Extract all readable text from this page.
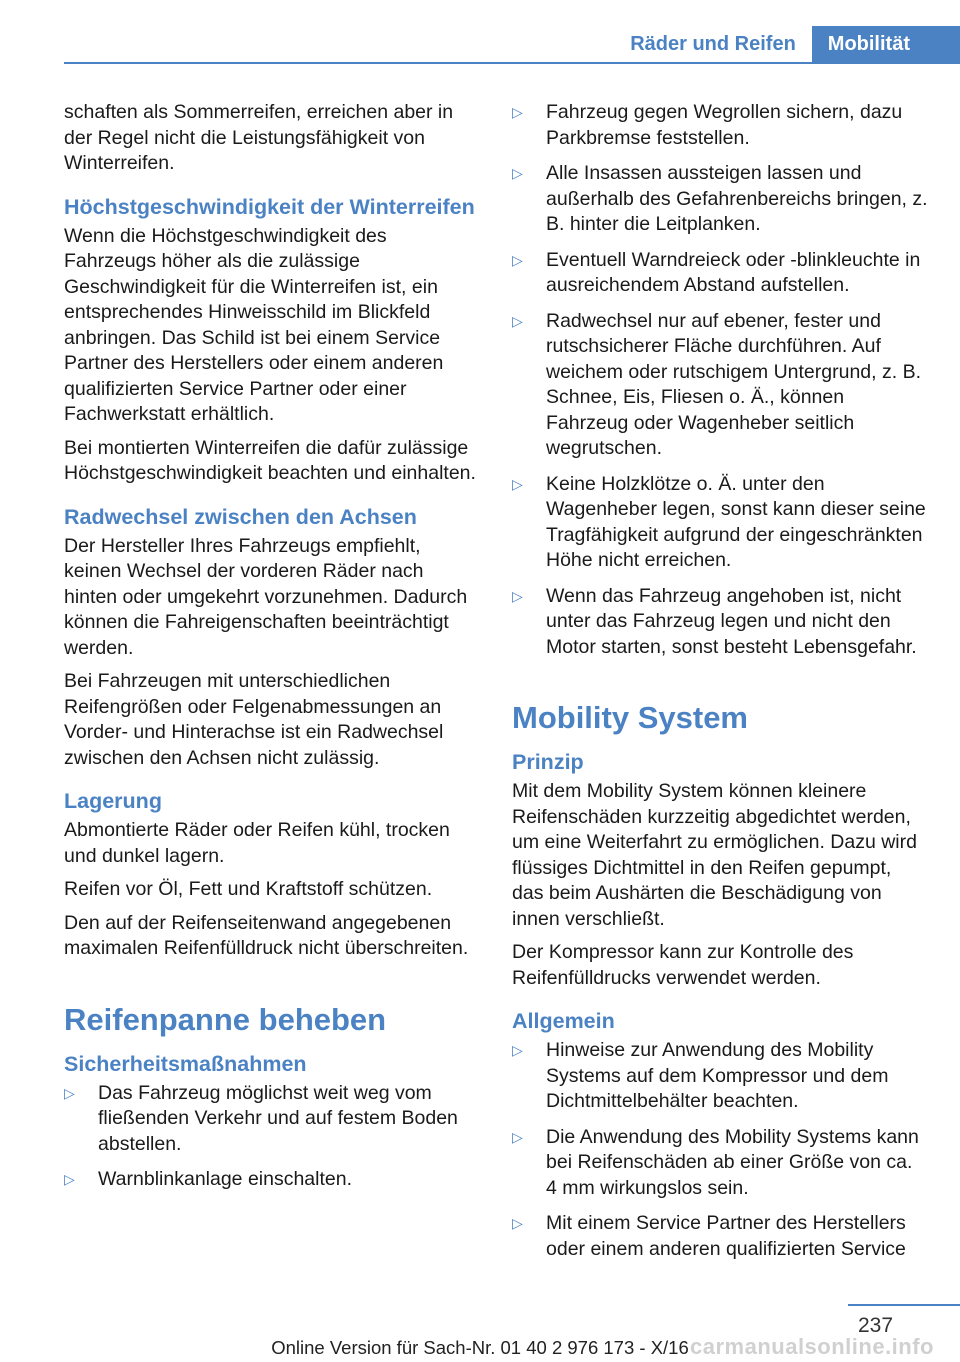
Räder und Reifen	Mobilität

schaften als Sommerreifen, erreichen aber in der Regel nicht die Leistungsfähigkeit von Winterreifen.

Höchstgeschwindigkeit der Winterreifen

Wenn die Höchstgeschwindigkeit des Fahrzeugs höher als die zulässige Geschwindigkeit für die Winterreifen ist, ein entsprechendes Hinweisschild im Blickfeld anbringen. Das Schild ist bei einem Service Partner des Herstellers oder einem anderen qualifizierten Service Partner oder einer Fachwerkstatt erhältlich.

Bei montierten Winterreifen die dafür zulässige Höchstgeschwindigkeit beachten und einhalten.

Radwechsel zwischen den Achsen

Der Hersteller Ihres Fahrzeugs empfiehlt, keinen Wechsel der vorderen Räder nach hinten oder umgekehrt vorzunehmen. Dadurch können die Fahreigenschaften beeinträchtigt werden.

Bei Fahrzeugen mit unterschiedlichen Reifengrößen oder Felgenabmessungen an Vorder- und Hinterachse ist ein Radwechsel zwischen den Achsen nicht zulässig.

Lagerung

Abmontierte Räder oder Reifen kühl, trocken und dunkel lagern.

Reifen vor Öl, Fett und Kraftstoff schützen.

Den auf der Reifenseitenwand angegebenen maximalen Reifenfülldruck nicht überschreiten.

Reifenpanne beheben
Sicherheitsmaßnahmen
▷ Das Fahrzeug möglichst weit weg vom fließenden Verkehr und auf festem Boden abstellen.
▷ Warnblinkanlage einschalten.
▷ Fahrzeug gegen Wegrollen sichern, dazu Parkbremse feststellen.
▷ Alle Insassen aussteigen lassen und außerhalb des Gefahrenbereichs bringen, z. B. hinter die Leitplanken.
▷ Eventuell Warndreieck oder -blinkleuchte in ausreichendem Abstand aufstellen.
▷ Radwechsel nur auf ebener, fester und rutschsicherer Fläche durchführen. Auf weichem oder rutschigem Untergrund, z. B. Schnee, Eis, Fliesen o. Ä., können Fahrzeug oder Wagenheber seitlich wegrutschen.
▷ Keine Holzklötze o. Ä. unter den Wagenheber legen, sonst kann dieser seine Tragfähigkeit aufgrund der eingeschränkten Höhe nicht erreichen.
▷ Wenn das Fahrzeug angehoben ist, nicht unter das Fahrzeug legen und nicht den Motor starten, sonst besteht Lebensgefahr.
Mobility System
Prinzip

Mit dem Mobility System können kleinere Reifenschäden kurzzeitig abgedichtet werden, um eine Weiterfahrt zu ermöglichen. Dazu wird flüssiges Dichtmittel in den Reifen gepumpt, das beim Aushärten die Beschädigung von innen verschließt.

Der Kompressor kann zur Kontrolle des Reifenfülldrucks verwendet werden.

Allgemein
▷ Hinweise zur Anwendung des Mobility Systems auf dem Kompressor und dem Dichtmittelbehälter beachten.
▷ Die Anwendung des Mobility Systems kann bei Reifenschäden ab einer Größe von ca. 4 mm wirkungslos sein.
▷ Mit einem Service Partner des Herstellers oder einem anderen qualifizierten Service
237
Online Version für Sach-Nr. 01 40 2 976 173 - X/16 carmanualsonline.info
